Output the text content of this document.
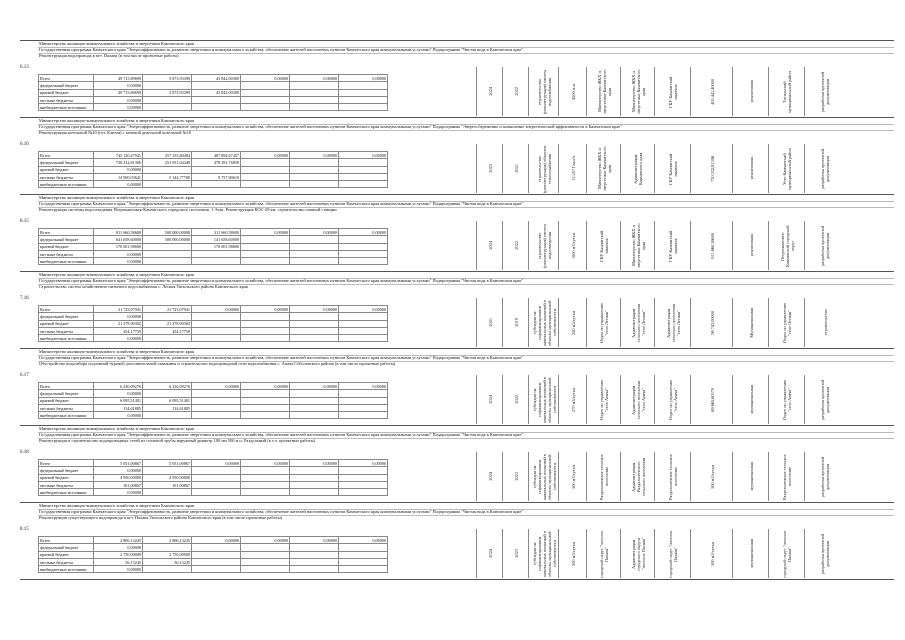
6.13
Министерство жилищно-коммунального хозяйства и энергетики Камчатского края
Государственная программа Камчатского края "Энергоэффективность, развитие энергетики и коммунального хозяйства, обеспечение жителей населенных пунктов Камчатского края коммунальными услугами" Подпрограмма "Чистая вода в Камчатском крае"
Реконструкция водопровода в пгт. Палана (в том числе проектные работы)
Всего	49 715,89699	5 873,93399	43 842,00300	0,00000	0,00000	0,00000
федеральный бюджет	0,00000					
краевой бюджет	49 715,89699	5 873,93399	43 842,00300			
местные бюджеты	0,00000					
внебюджетные источники	0,00000					
2024	2022	строительство (реконструкция) систем водоснабжения	4500 п.м.	Министерство ЖКХ и энергетики Камчатского края	Министерство ЖКХ и энергетики Камчатского края	ГКУ Камчатский заказчик	405 441,40000	реализована	Тигильский муниципальный район	разработка проектной документации
6.16
Министерство жилищно-коммунального хозяйства и энергетики Камчатского края
Государственная программа Камчатского края "Энергоэффективность, развитие энергетики и коммунального хозяйства, обеспечение жителей населенных пунктов Камчатского края коммунальными услугами" Подпрограмма "Энергосбережение и повышение энергетической эффективности в Камчатском крае"
Реконструкция котельной №20 (пгт. Ключи) с заменой дизельной котельной №10
Всего	745 130,47941	257 235,80484	487 894,67457	0,00000	0,00000	0,00000
федеральный бюджет	730 232,81306	252 051,04448	478 181,76858			
краевой бюджет	0,00000					
местные бюджеты	14 900,03641	5 144,77700	9 757,90610			
внебюджетные источники	0,00000					
2023	2021	строительство (реконструкция) объектов теплоснабжения	13,357 Гкал/ч	Министерство ЖКХ и энергетики Камчатского края	Администрация Камчатского края	ГКУ Камчатский заказчик	730 232,81306	реализована	Усть-Камчатский муниципальный район	разработка проектной документации
8.15
Министерство жилищно-коммунального хозяйства и энергетики Камчатского края
Государственная программа Камчатского края "Энергоэффективность, развитие энергетики и коммунального хозяйства, обеспечение жителей населенных пунктов Камчатского края коммунальными услугами" Подпрограмма "Чистая вода в Камчатском крае"
Реконструкция системы водоотведения Петропавловск-Камчатского городского поселения. 1 Этап. Реконструкция КОС-29 км, строительство главной станции
Всего	811 660,58600	500 000,00000	311 660,58600	0,00000	0,00000	0,00000
федеральный бюджет	641 658,60000	500 000,00000	141 658,60000			
краевой бюджет	170 001,98600		170 001,98600			
местные бюджеты	0,00000					
внебюджетные источники	0,00000					
2024	2022	строительство (реконструкция) систем водоотведения	1000 м3/сутки	ГКУ Камчатский заказчик	Министерство ЖКХ и энергетики Камчатского края	ГКУ Камчатский заказчик	811 660,58600	реализована	Петропавловск-Камчатский городской округ	разработка проектной документации
7.16
Министерство жилищно-коммунального хозяйства и энергетики Камчатского края
Государственная программа Камчатского края "Энергоэффективность, развитие энергетики и коммунального хозяйства, обеспечение жителей населенных пунктов Камчатского края коммунальными услугами" Подпрограмма "Чистая вода в Камчатском крае"
Строительство систем хозяйственно-питьевого водоснабжения с. Лесная Тигильского района Камчатского края
Всего	21 723,07941	21 723,07941	0,00000	0,00000	0,00000	0,00000
федеральный бюджет	0,00000					
краевой бюджет	21 278,90302	21 278,90302				
местные бюджеты	454,17759	454,17759				
внебюджетные источники	0,00000					
2021	2019	субсидии на софинансирование капитальных вложений в объекты муниципальной собственности	250 м3/сутки	Отдел по управлению "село Лесная"	Администрация сельского поселения "село Лесная"	Администрация сельского поселения "село Лесная"	98 743,00000	Муниципальная	Отдел по управлению "село Лесная"	строительство
6.17
Министерство жилищно-коммунального хозяйства и энергетики Камчатского края
Государственная программа Камчатского края "Энергоэффективность, развитие энергетики и коммунального хозяйства, обеспечение жителей населенных пунктов Камчатского края коммунальными услугами" Подпрограмма "Чистая вода в Камчатском крае"
Обустройство водозабора подземной буровой дополнительной скважины и строительство водопроводной сети водоснабжения с. Апача Соболевского района (в том числе проектные работы)
Всего	6 230,09276	6 230,09276	0,00000	0,00000	0,00000	0,00000
федеральный бюджет	0,00000					
краевой бюджет	6 095,51401	6 095,51401				
местные бюджеты	134,61885	134,61885				
внебюджетные источники	0,00000					
2024	2022	субсидии на софинансирование капитальных вложений в объекты муниципальной собственности	270 м3/сутки	Отдел по управлению "село Апача"	Администрация сельского поселения "село Апача"	Отдел по управлению "село Апача"	69 665,60370	муниципальная	Отдел по управлению "село Апача"	разработка проектной документации
6.18
Министерство жилищно-коммунального хозяйства и энергетики Камчатского края
Государственная программа Камчатского края "Энергоэффективность, развитие энергетики и коммунального хозяйства, обеспечение жителей населенных пунктов Камчатского края коммунальными услугами" Подпрограмма "Чистая вода в Камчатском крае"
Реконструкция и строительство водопроводных сетей из стальной трубы наружный диаметр 100 мм 500 м п. Раздольный (в т.ч. проектные работы)
Всего	5 051,00867	5 051,00867	0,00000	0,00000	0,00000	0,00000
федеральный бюджет	0,00000					
краевой бюджет	4 950,00000	4 950,00000				
местные бюджеты	101,00867	101,00867				
внебюджетные источники	0,00000					
2024	2023	субсидии на софинансирование капитальных вложений в объекты муниципальной собственности	500 м3/сутки	Раздольненское сельское поселение	Администрация Раздольненского сельского поселения	Раздольненское сельское поселение	500 м3/сутки	муниципальная	Раздольненское сельское поселение	разработка проектной документации
8.15
Министерство жилищно-коммунального хозяйства и энергетики Камчатского края
Государственная программа Камчатского края "Энергоэффективность, развитие энергетики и коммунального хозяйства, обеспечение жителей населенных пунктов Камчатского края коммунальными услугами" Подпрограмма "Чистая вода в Камчатском крае"
Реконструкция существующего водопровода в пгт. Палана Тигильского района Камчатского края (в том числе проектные работы)
Всего	2 806,13245	2 806,13245	0,00000	0,00000	0,00000	0,00000
федеральный бюджет	0,00000					
краевой бюджет	2 750,00000	2 750,00000				
местные бюджеты	56,13245	56,13245				
внебюджетные источники	0,00000					
2024	2023	субсидии на софинансирование капитальных вложений в объекты муниципальной собственности	500 м3/сутки	городской округ "поселок Палана"	Администрация городского округа "поселок Палана"	городской округ "поселок Палана"	500 м3/сутки	муниципальная	городской округ "поселок Палана"	разработка проектной документации
